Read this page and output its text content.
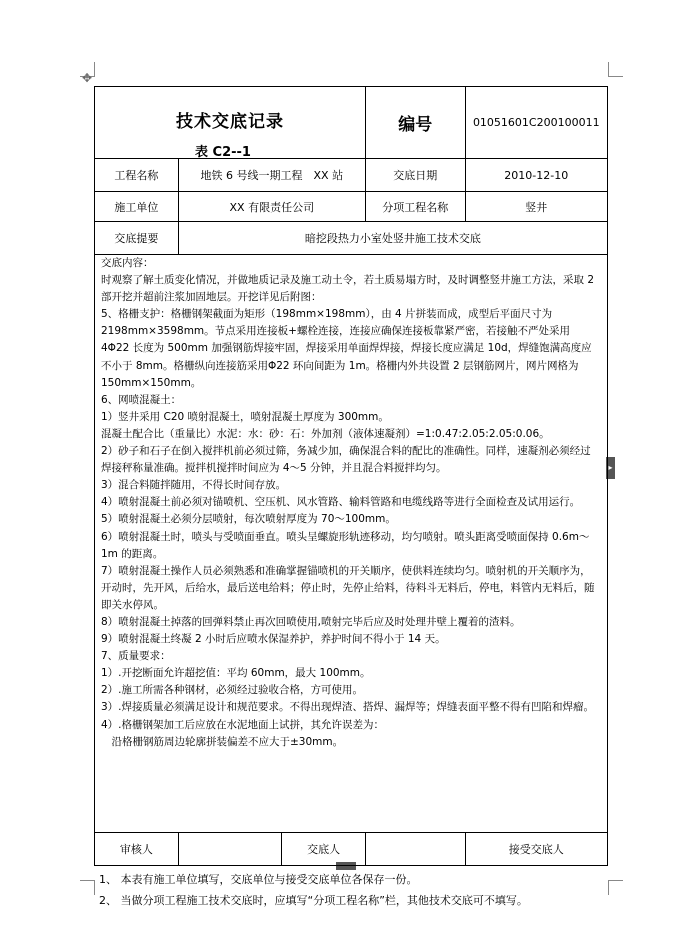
✥
▸
技术交底记录
表 C2--1
编号	01051601C200100011
工程名称	地铁 6 号线一期工程　XX 站	交底日期	2010-12-10
施工单位	XX 有限责任公司	分项工程名称	竖井
交底提要	暗挖段热力小室处竖井施工技术交底
交底内容：

时观察了解土质变化情况，并做地质记录及施工动土令，若土质易塌方时，及时调整竖井施工方法，采取 2 部开挖并超前注浆加固地层。开挖详见后附图：

5、格栅支护：格栅钢架截面为矩形（198mm×198mm），由 4 片拼装而成，成型后平面尺寸为 2198mm×3598mm。节点采用连接板+螺栓连接，连接应确保连接板靠紧严密，若接触不严处采用 4Φ22 长度为 500mm 加强钢筋焊接牢固，焊接采用单面焊焊接，焊接长度应满足 10d，焊缝饱满高度应不小于 8mm。格栅纵向连接筋采用Φ22 环向间距为 1m。格栅内外共设置 2 层钢筋网片，网片网格为 150mm×150mm。

6、网喷混凝土：

1）竖井采用 C20 喷射混凝土，喷射混凝土厚度为 300mm。

混凝土配合比（重量比）水泥：水：砂：石：外加剂（液体速凝剂）=1:0.47:2.05:2.05:0.06。

2）砂子和石子在倒入搅拌机前必须过筛，务减少加，确保混合料的配比的准确性。同样，速凝剂必须经过焊接秤称量准确。搅拌机搅拌时间应为 4～5 分钟，并且混合料搅拌均匀。

3）混合料随拌随用，不得长时间存放。

4）喷射混凝土前必须对锚喷机、空压机、风水管路、输料管路和电缆线路等进行全面检查及试用运行。

5）喷射混凝土必须分层喷射，每次喷射厚度为 70～100mm。

6）喷射混凝土时，喷头与受喷面垂直。喷头呈螺旋形轨迹移动，均匀喷射。喷头距离受喷面保持 0.6m～1m 的距离。

7）喷射混凝土操作人员必须熟悉和准确掌握锚喷机的开关顺序，使供料连续均匀。喷射机的开关顺序为，开动时，先开风，后给水，最后送电给料；停止时，先停止给料，待料斗无料后，停电，料管内无料后，随即关水停风。

8）喷射混凝土掉落的回弹料禁止再次回喷使用,喷射完毕后应及时处理井壁上覆着的渣料。

9）喷射混凝土终凝 2 小时后应喷水保湿养护，养护时间不得小于 14 天。

7、质量要求：

1）.开挖断面允许超挖值：平均 60mm，最大 100mm。

2）.施工所需各种钢材，必须经过验收合格，方可使用。

3）.焊接质量必须满足设计和规范要求。不得出现焊渣、搭焊、漏焊等；焊缝表面平整不得有凹陷和焊瘤。

4）.格栅钢架加工后应放在水泥地面上试拼，其允许误差为：

　沿格栅钢筋周边轮廓拼装偏差不应大于±30mm。

审核人	交底人	接受交底人

1、 本表有施工单位填写，交底单位与接受交底单位各保存一份。

2、 当做分项工程施工技术交底时，应填写“分项工程名称”栏，其他技术交底可不填写。
